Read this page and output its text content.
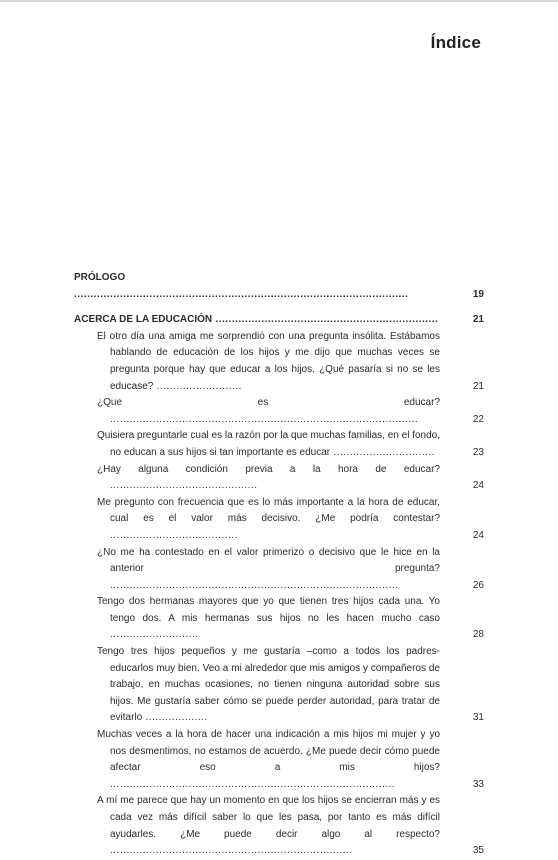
Índice
PRÓLOGO ......................................................................................................	19
ACERCA DE LA EDUCACIÓN ....................................................................	21
El otro día una amiga me sorprendió con una pregunta insólita. Estábamos hablando de educación de los hijos y me dijo que muchas veces se pregunta porque hay que educar a los hijos. ¿Qué pasaría si no se les educase? ..........................	21
¿Que es educar? ..............................................................................................	22
Quisiera preguntarle cual es la razón por la que muchas familias, en el fondo, no educan a sus hijos si tan importante es educar ...............................	23
¿Hay alguna condición previa a la hora de educar? .............................................	24
Me pregunto con frecuencia que es lo más importante a la hora de educar, cual es el valor más decisivo. ¿Me podría contestar? .......................................	24
¿No me ha contestado en el valor primerizo o decisivo que le hice en la anterior pregunta? ........................................................................................	26
Tengo dos hermanas mayores que yo que tienen tres hijos cada una. Yo tengo dos. A mis hermanas sus hijos no les hacen mucho caso ...........................	28
Tengo tres hijos pequeños y me gustaría –como a todos los padres- educarlos muy bien. Veo a mi alrededor que mis amigos y compañeros de trabajo, en muchas ocasiones, no tienen ninguna autoridad sobre sus hijos. Me gustaría saber cómo se puede perder autoridad, para tratar de evitarlo ...................	31
Muchas veces a la hora de hacer una indicación a mis hijos mi mujer y yo nos desmentimos, no estamos de acuerdo. ¿Me puede decir cómo puede afectar eso a mis hijos? .......................................................................................	33
A mí me parece que hay un momento en que los hijos se encierran más y es cada vez más difícil saber lo que les pasa, por tanto es más difícil ayudarles. ¿Me puede decir algo al respecto? ..........................................................................	35
